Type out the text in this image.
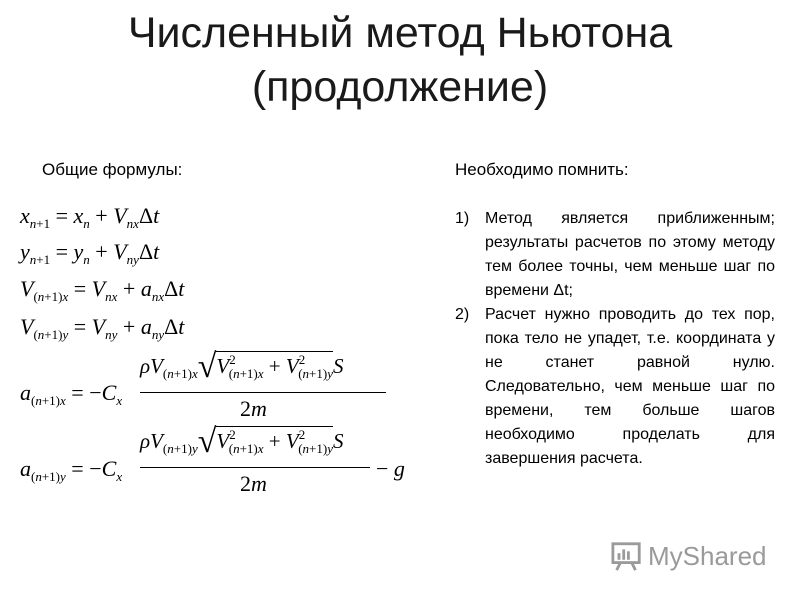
Численный метод Ньютона
(продолжение)
Общие формулы:	Необходимо помнить:
$x_{n+1} = x_n + V_{nx}\Delta t$
$y_{n+1} = y_n + V_{ny}\Delta t$
$V_{(n+1)x} = V_{nx} + a_{nx}\Delta t$
$V_{(n+1)y} = V_{ny} + a_{ny}\Delta t$
$a_{(n+1)x} = -C_x$
$\rho V_{(n+1)x}√V^2_{(n+1)x} + V^2_{(n+1)y}S$
2m
$a_{(n+1)y} = -C_x$
$\rho V_{(n+1)y}√V^2_{(n+1)x} + V^2_{(n+1)y}S$
2m
− g
1) Метод является приближенным; результаты расчетов по этому методу тем более точны, чем меньше шаг по времени Δt;
2) Расчет нужно проводить до тех пор, пока тело не упадет, т.е. координата y не станет равной нулю. Следовательно, чем меньше шаг по времени, тем больше шагов необходимо проделать для завершения расчета.
MyShared
